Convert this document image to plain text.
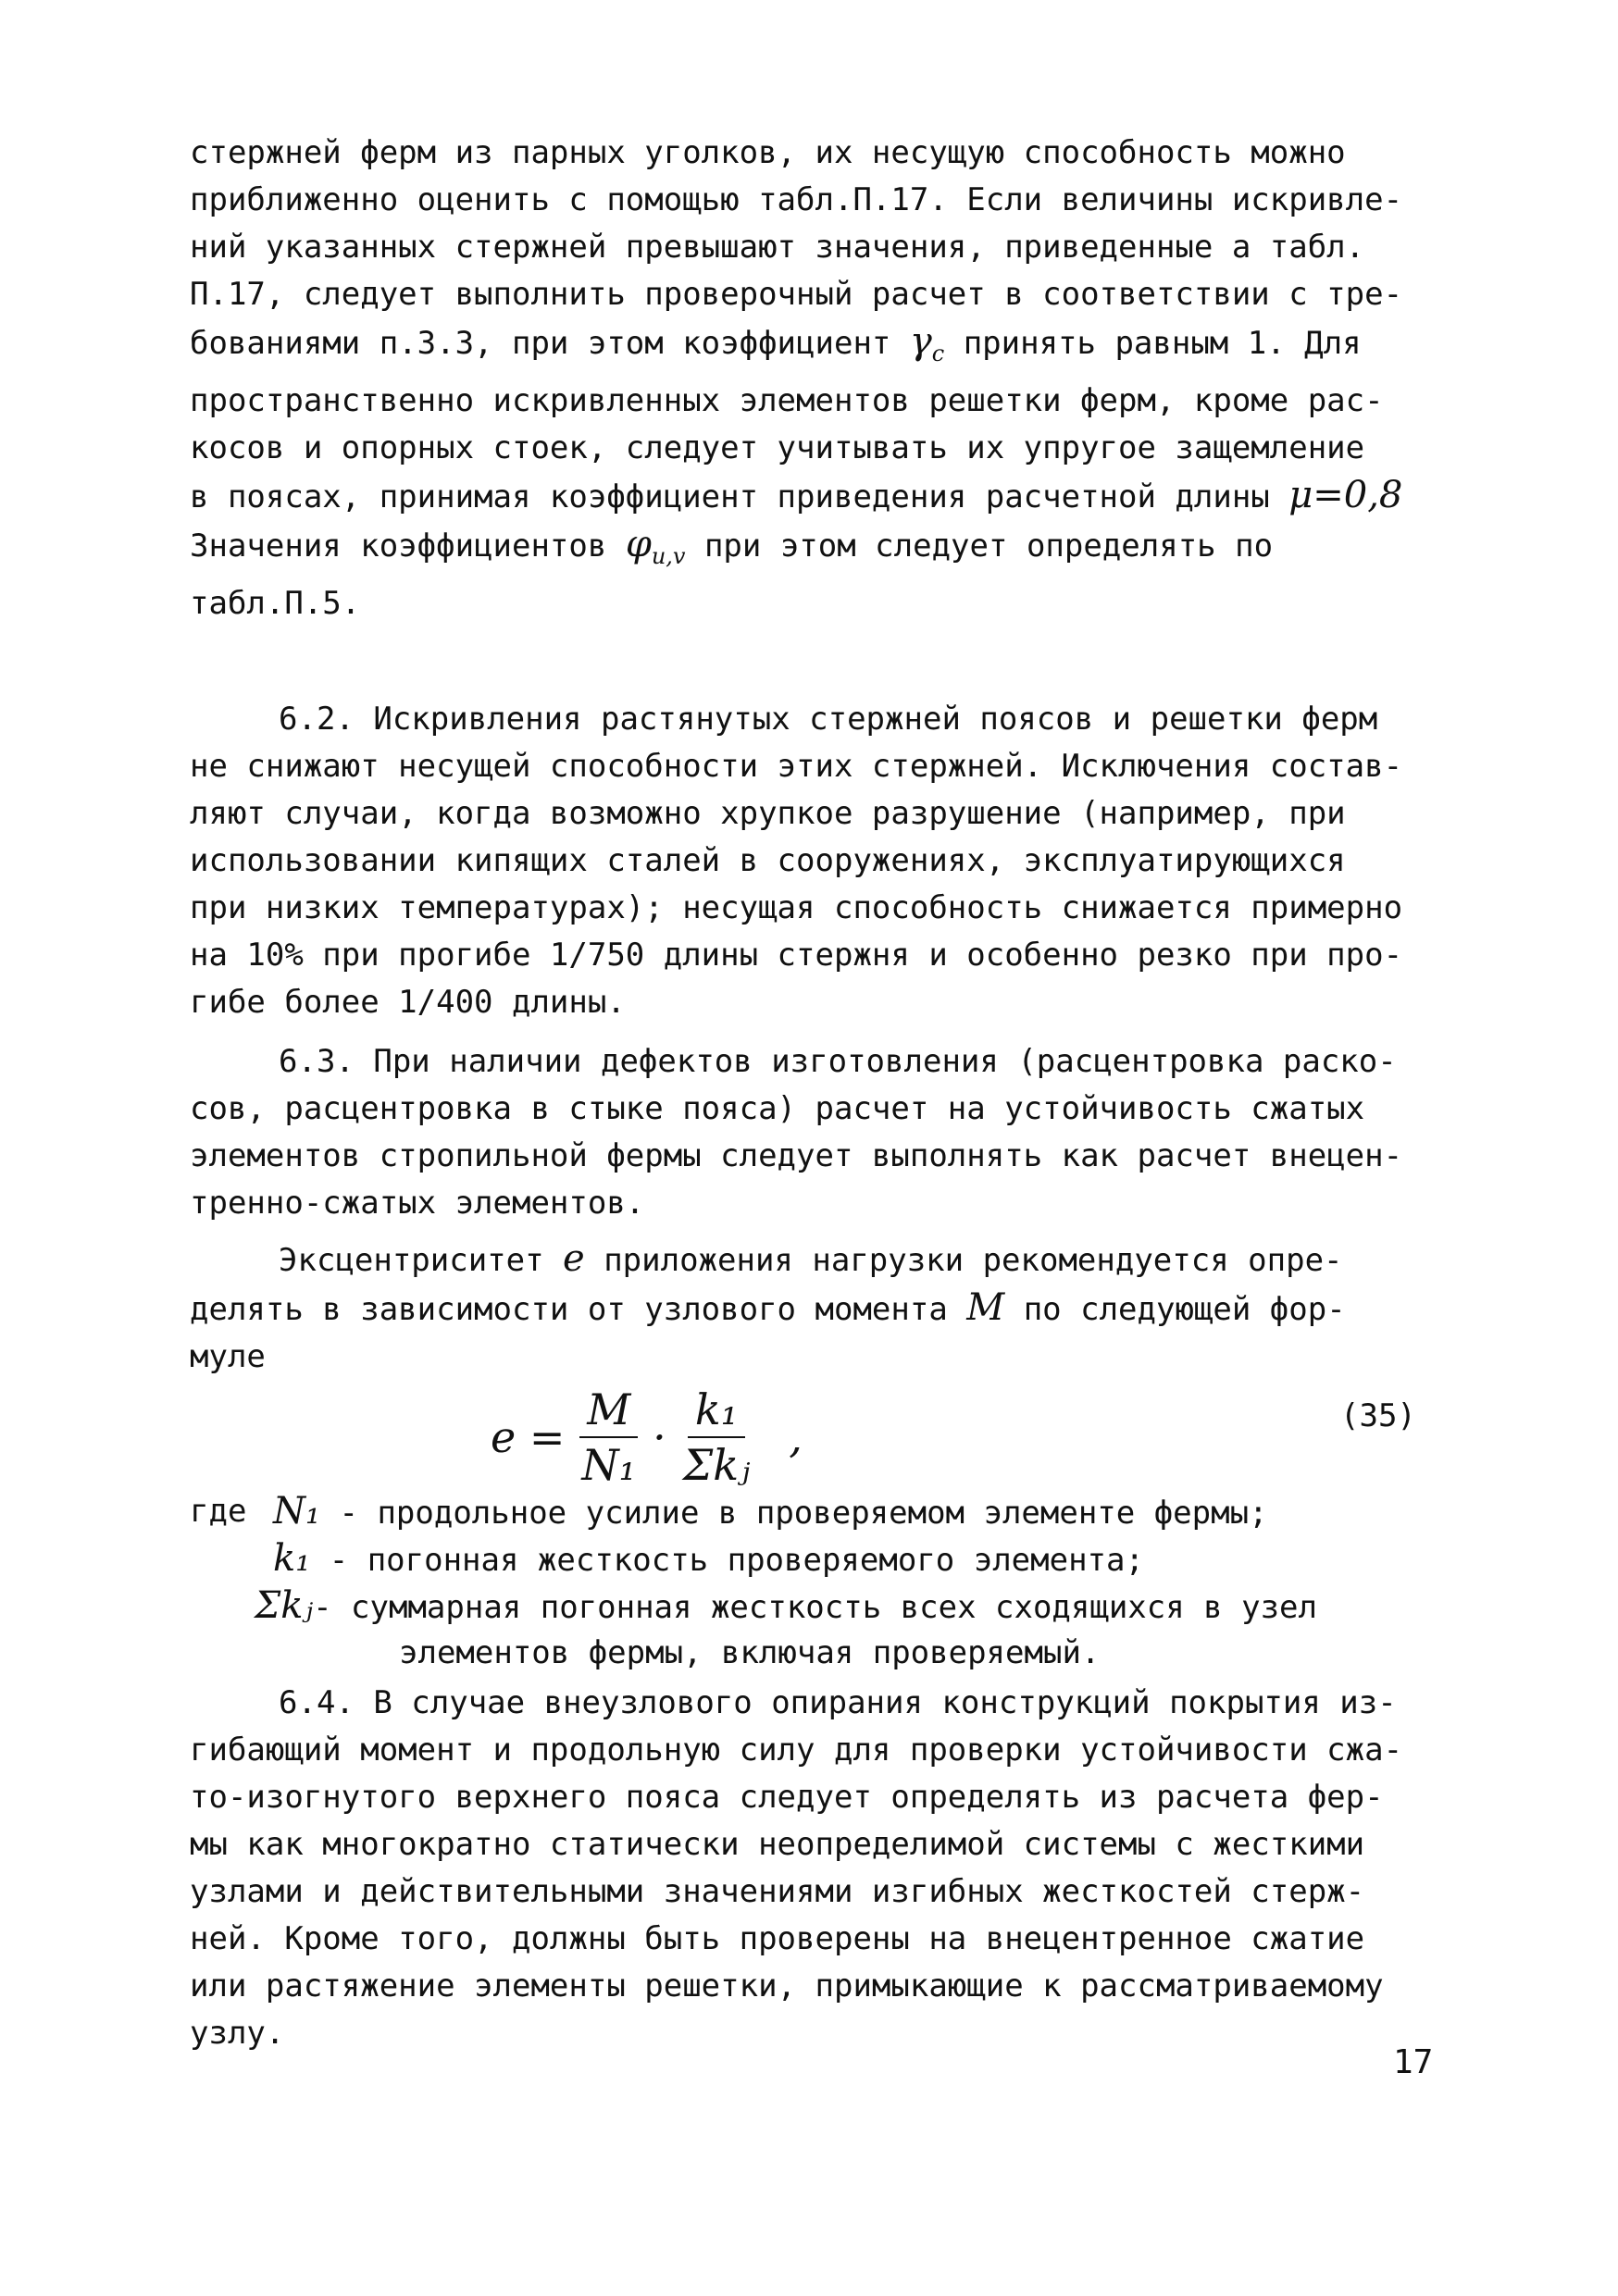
стержней ферм из парных уголков, их несущую способность можно
приближенно оценить с помощью табл.П.17. Если величины искривле-
ний указанных стержней превышают значения, приведенные а табл.
П.17, следует выполнить проверочный расчет в соответствии с тре-
бованиями п.3.3, при этом коэффициент $\gamma_c$ принять равным 1. Для
пространственно искривленных элементов решетки ферм, кроме рас-
косов и опорных стоек, следует учитывать их упругое защемление
в поясах, принимая коэффициент приведения расчетной длины μ=0,8
Значения коэффициентов $\varphi_{u,v}$ при этом следует определять по
табл.П.5.
6.2. Искривления растянутых стержней поясов и решетки ферм
не снижают несущей способности этих стержней. Исключения состав-
ляют случаи, когда возможно хрупкое разрушение (например, при
использовании кипящих сталей в сооружениях, эксплуатирующихся
при низких температурах); несущая способность снижается примерно
на 10% при прогибе 1/750 длины стержня и особенно резко при про-
гибе более 1/400 длины.
6.3. При наличии дефектов изготовления (расцентровка раско-
сов, расцентровка в стыке пояса) расчет на устойчивость сжатых
элементов стропильной фермы следует выполнять как расчет внецен-
тренно-сжатых элементов.
Эксцентриситет e приложения нагрузки рекомендуется опре-
делять в зависимости от узлового момента M по следующей фор-
муле
$e = \frac{M}{\text{N₁}} \cdot \frac{\text{k₁}}{\text{Σkⱼ}}$ ,	(35)
где N₁ - продольное усилие в проверяемом элементе фермы;
k₁ - погонная жесткость проверяемого элемента;
Σkⱼ- суммарная погонная жесткость всех сходящихся в узел
элементов фермы, включая проверяемый.
6.4. В случае внеузлового опирания конструкций покрытия из-
гибающий момент и продольную силу для проверки устойчивости сжа-
то-изогнутого верхнего пояса следует определять из расчета фер-
мы как многократно статически неопределимой системы с жесткими
узлами и действительными значениями изгибных жесткостей стерж-
ней. Кроме того, должны быть проверены на внецентренное сжатие
или растяжение элементы решетки, примыкающие к рассматриваемому
узлу.
17
